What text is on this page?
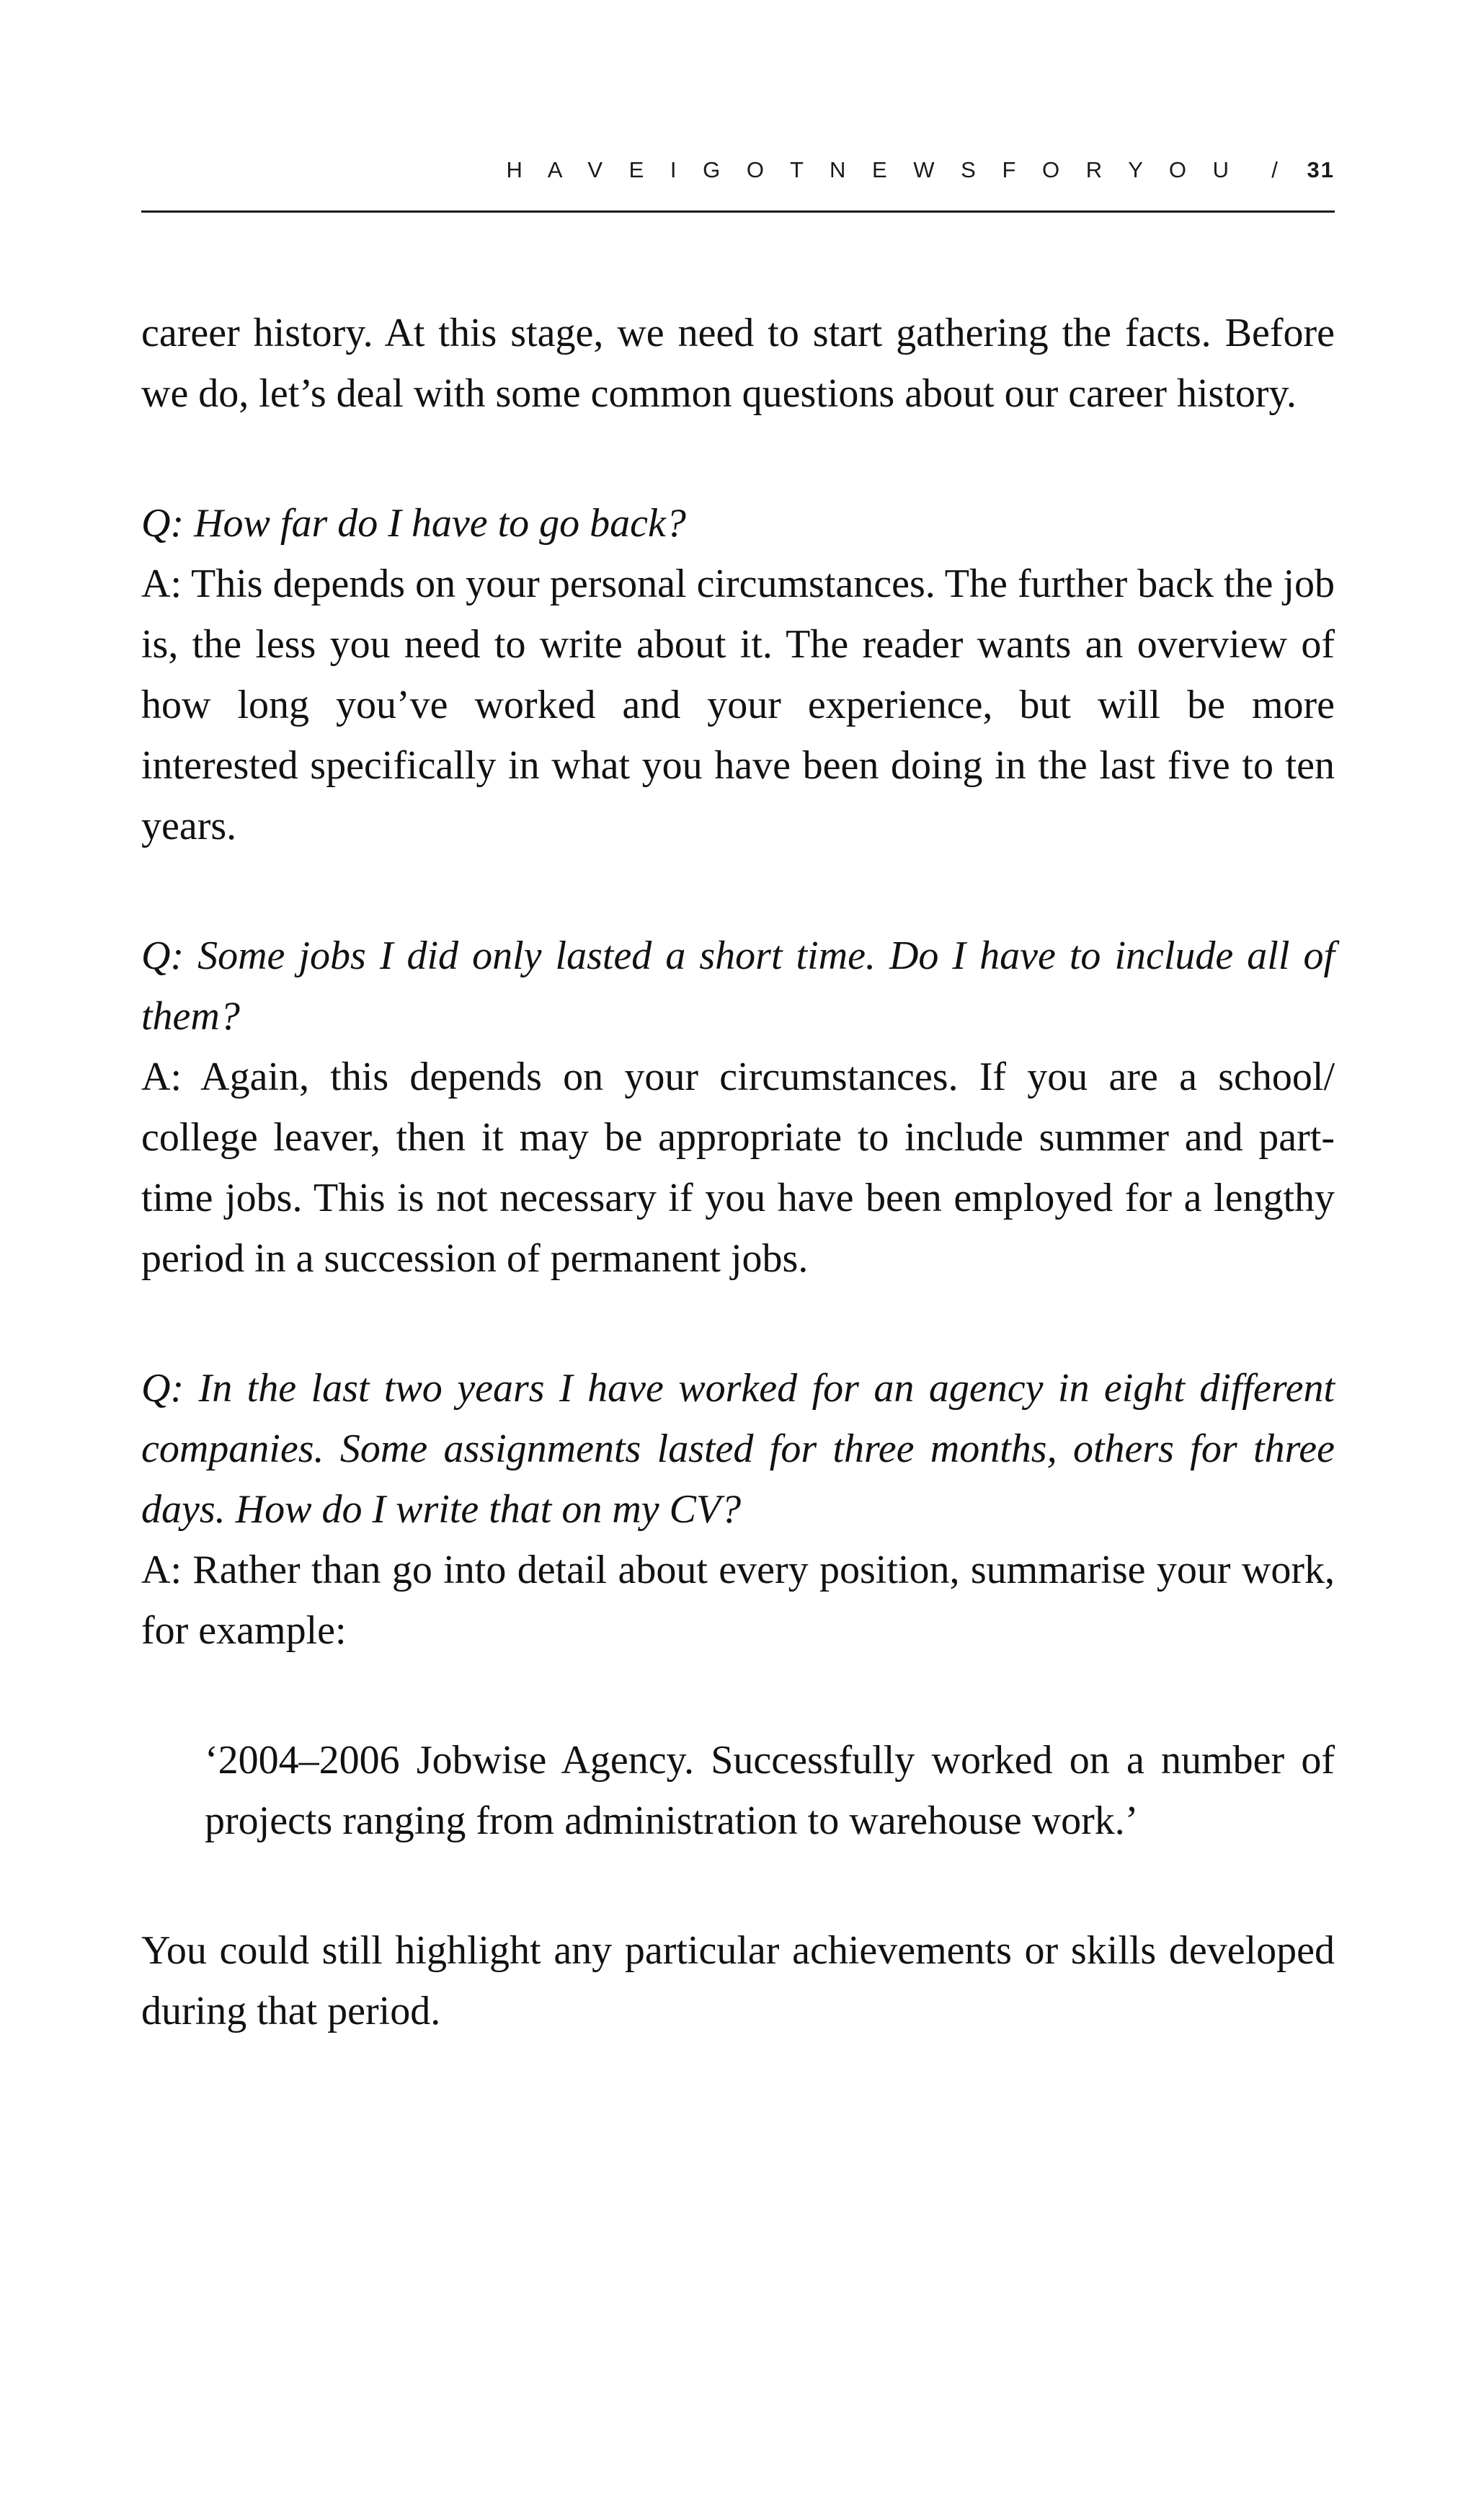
H A V E I G O T N E W S F O R Y O U	/ 31

career history. At this stage, we need to start gathering the facts. Before we do, let’s deal with some common questions about our career history.

Q: How far do I have to go back?

A: This depends on your personal circumstances. The further back the job is, the less you need to write about it. The reader wants an overview of how long you’ve worked and your experience, but will be more interested specifically in what you have been doing in the last five to ten years.

Q: Some jobs I did only lasted a short time. Do I have to include all of them?

A: Again, this depends on your circumstances. If you are a school/ college leaver, then it may be appropriate to include summer and part-time jobs. This is not necessary if you have been employed for a lengthy period in a succession of permanent jobs.

Q: In the last two years I have worked for an agency in eight different companies. Some assignments lasted for three months, others for three days. How do I write that on my CV?

A: Rather than go into detail about every position, summarise your work, for example:

‘2004–2006 Jobwise Agency. Successfully worked on a number of projects ranging from administration to warehouse work.’

You could still highlight any particular achievements or skills developed during that period.
